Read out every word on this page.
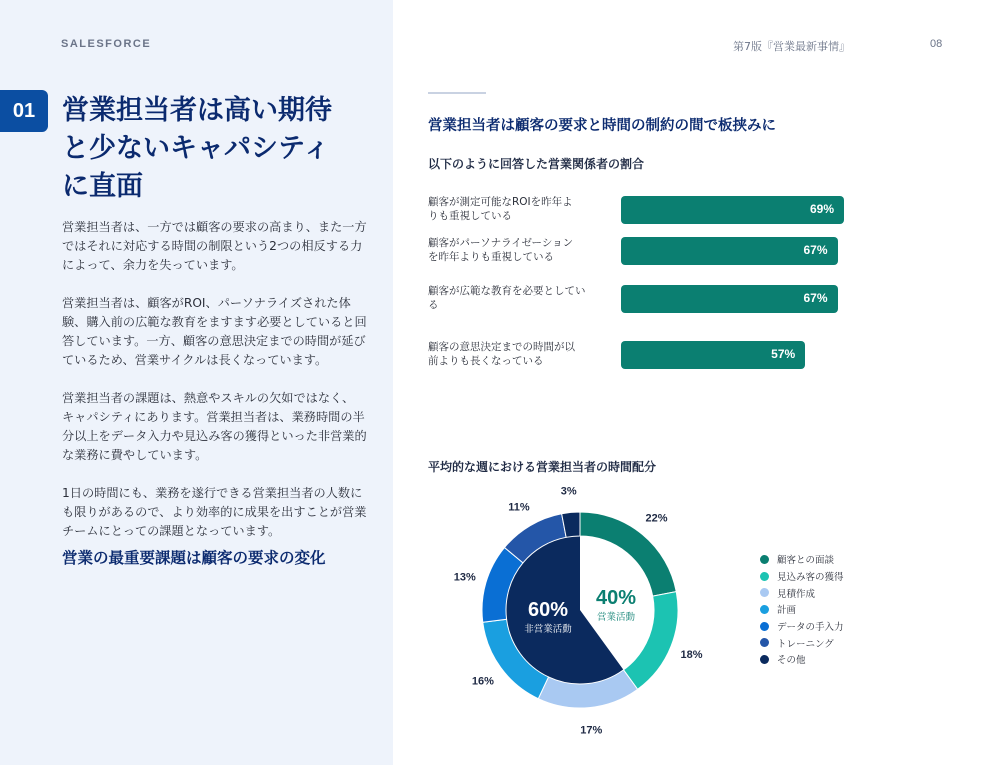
SALESFORCE	第7版『営業最新事情』	08
01 営業担当者は高い期待
と少ないキャパシティ
に直面

営業担当者は、一方では顧客の要求の高まり、また一方
ではそれに対応する時間の制限という2つの相反する力
によって、余力を失っています。

営業担当者は、顧客がROI、パーソナライズされた体
験、購入前の広範な教育をますます必要としていると回
答しています。一方、顧客の意思決定までの時間が延び
ているため、営業サイクルは長くなっています。

営業担当者の課題は、熱意やスキルの欠如ではなく、
キャパシティにあります。営業担当者は、業務時間の半
分以上をデータ入力や見込み客の獲得といった非営業的
な業務に費やしています。

1日の時間にも、業務を遂行できる営業担当者の人数に
も限りがあるので、より効率的に成果を出すことが営業
チームにとっての課題となっています。

営業の最重要課題は顧客の要求の変化
営業担当者は顧客の要求と時間の制約の間で板挟みに
以下のように回答した営業関係者の割合
顧客が測定可能なROIを昨年よ
りも重視している	69%
顧客がパーソナライゼーション
を昨年よりも重視している	67%
顧客が広範な教育を必要としてい
る	67%
顧客の意思決定までの時間が以
前よりも長くなっている	57%
平均的な週における営業担当者の時間配分
22%
18%
17%
16%
13%
11%
3%
40%
営業活動
60%
非営業活動
顧客との面談
見込み客の獲得
見積作成
計画
データの手入力
トレーニング
その他
